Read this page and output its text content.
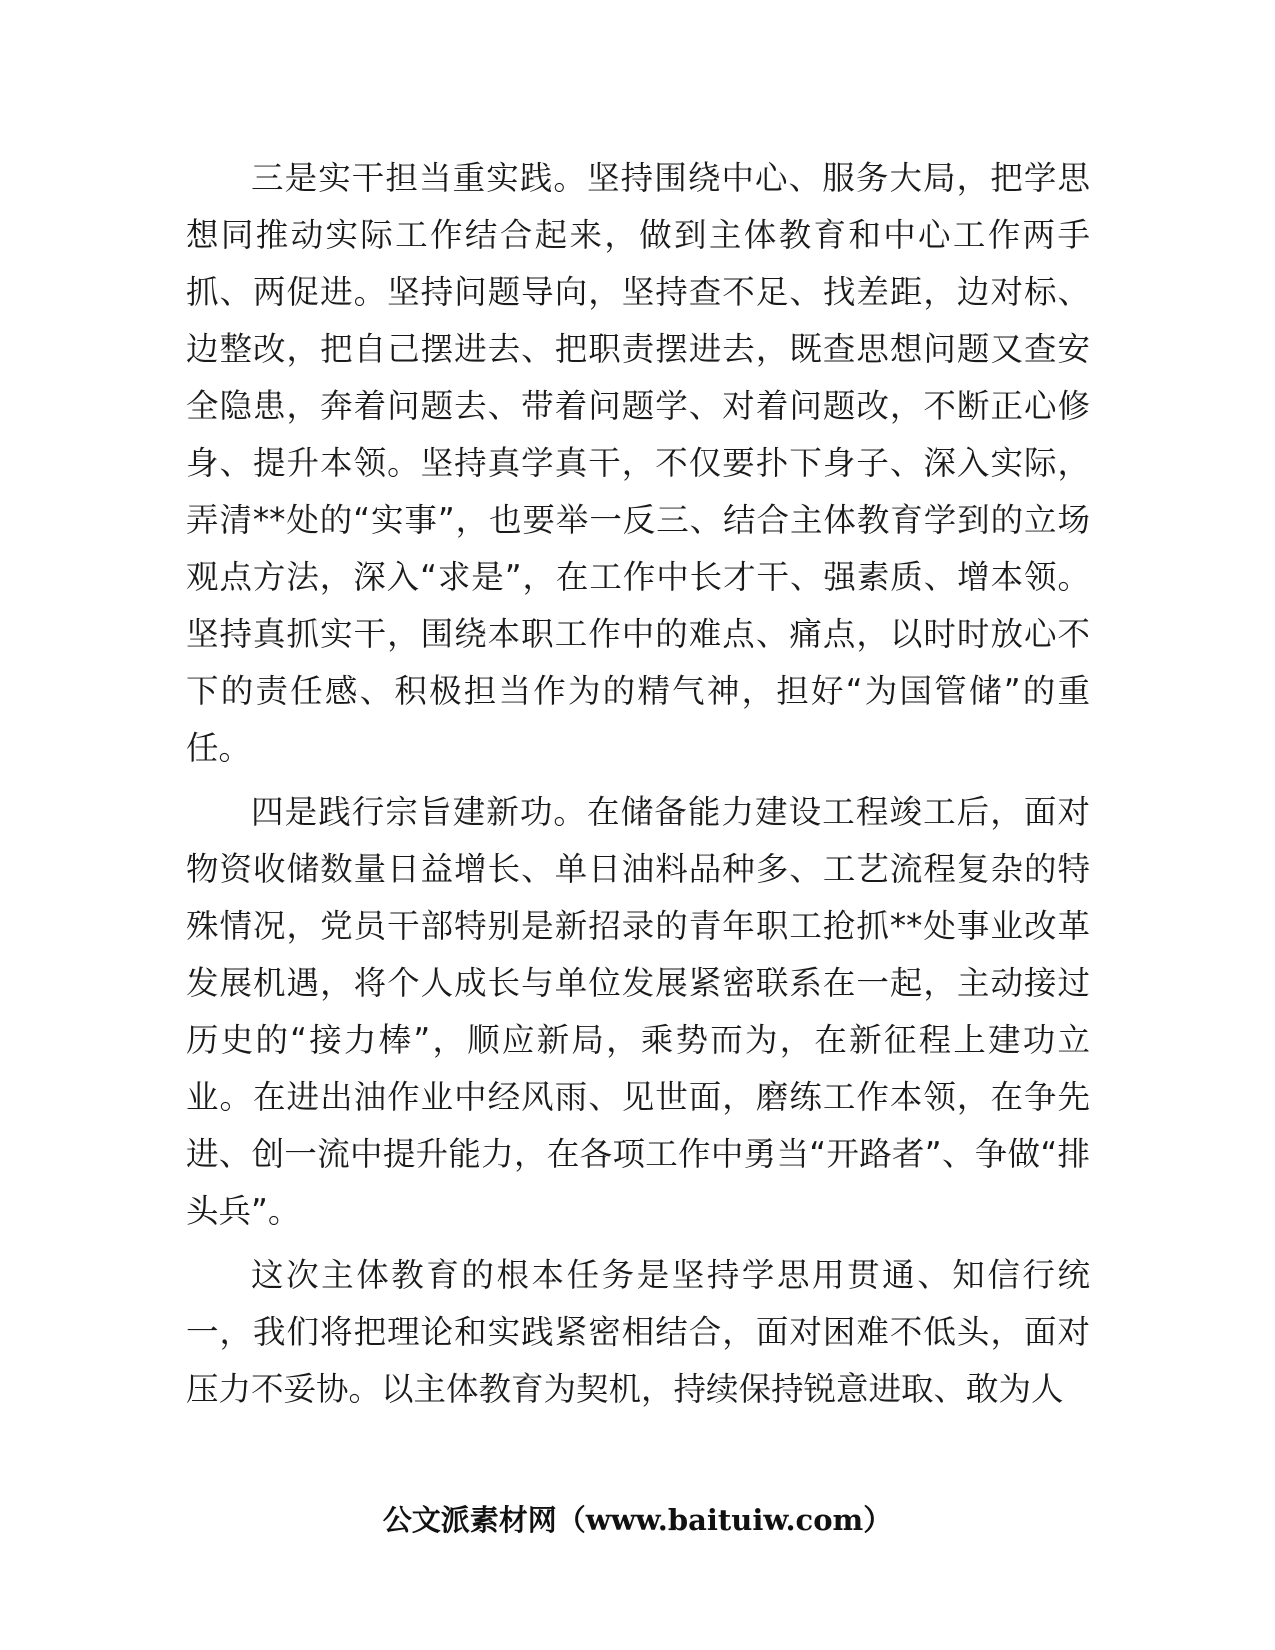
三是实干担当重实践。坚持围绕中心、服务大局，把学思想同推动实际工作结合起来，做到主体教育和中心工作两手抓、两促进。坚持问题导向，坚持查不足、找差距，边对标、边整改，把自己摆进去、把职责摆进去，既查思想问题又查安全隐患，奔着问题去、带着问题学、对着问题改，不断正心修身、提升本领。坚持真学真干，不仅要扑下身子、深入实际，弄清**处的“实事”，也要举一反三、结合主体教育学到的立场观点方法，深入“求是”，在工作中长才干、强素质、增本领。坚持真抓实干，围绕本职工作中的难点、痛点，以时时放心不下的责任感、积极担当作为的精气神，担好“为国管储”的重任。

四是践行宗旨建新功。在储备能力建设工程竣工后，面对物资收储数量日益增长、单日油料品种多、工艺流程复杂的特殊情况，党员干部特别是新招录的青年职工抢抓**处事业改革发展机遇，将个人成长与单位发展紧密联系在一起，主动接过历史的“接力棒”，顺应新局，乘势而为，在新征程上建功立业。在进出油作业中经风雨、见世面，磨练工作本领，在争先进、创一流中提升能力，在各项工作中勇当“开路者”、争做“排头兵”。

这次主体教育的根本任务是坚持学思用贯通、知信行统一，我们将把理论和实践紧密相结合，面对困难不低头，面对压力不妥协。以主体教育为契机，持续保持锐意进取、敢为人

公文派素材网（www.baituiw.com）
